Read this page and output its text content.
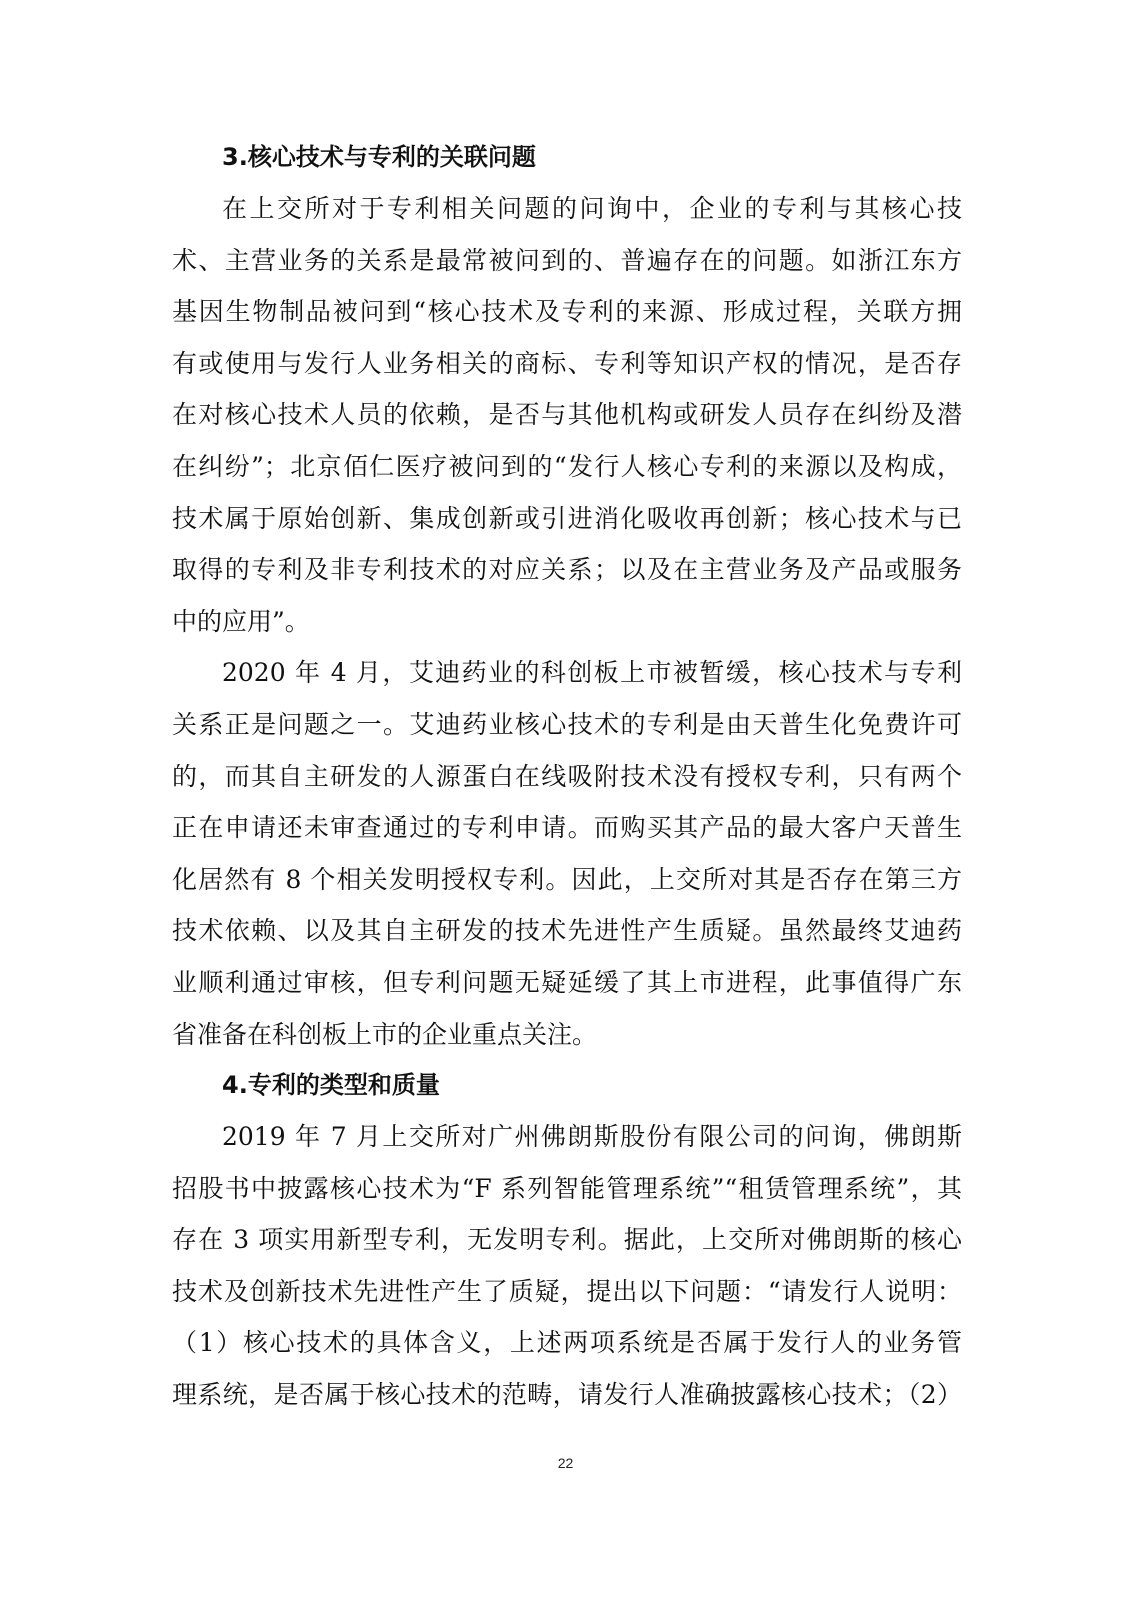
3.核心技术与专利的关联问题
在上交所对于专利相关问题的问询中，企业的专利与其核心技
术、主营业务的关系是最常被问到的、普遍存在的问题。如浙江东方
基因生物制品被问到“核心技术及专利的来源、形成过程，关联方拥
有或使用与发行人业务相关的商标、专利等知识产权的情况，是否存
在对核心技术人员的依赖，是否与其他机构或研发人员存在纠纷及潜
在纠纷”；北京佰仁医疗被问到的“发行人核心专利的来源以及构成，
技术属于原始创新、集成创新或引进消化吸收再创新；核心技术与已
取得的专利及非专利技术的对应关系；以及在主营业务及产品或服务
中的应用”。
2020 年 4 月，艾迪药业的科创板上市被暂缓，核心技术与专利
关系正是问题之一。艾迪药业核心技术的专利是由天普生化免费许可
的，而其自主研发的人源蛋白在线吸附技术没有授权专利，只有两个
正在申请还未审查通过的专利申请。而购买其产品的最大客户天普生
化居然有 8 个相关发明授权专利。因此，上交所对其是否存在第三方
技术依赖、以及其自主研发的技术先进性产生质疑。虽然最终艾迪药
业顺利通过审核，但专利问题无疑延缓了其上市进程，此事值得广东
省准备在科创板上市的企业重点关注。
4.专利的类型和质量
2019 年 7 月上交所对广州佛朗斯股份有限公司的问询，佛朗斯
招股书中披露核心技术为“F 系列智能管理系统”“租赁管理系统”，其
存在 3 项实用新型专利，无发明专利。据此，上交所对佛朗斯的核心
技术及创新技术先进性产生了质疑，提出以下问题：“请发行人说明：
（1）核心技术的具体含义，上述两项系统是否属于发行人的业务管
理系统，是否属于核心技术的范畴，请发行人准确披露核心技术；（2）
22
